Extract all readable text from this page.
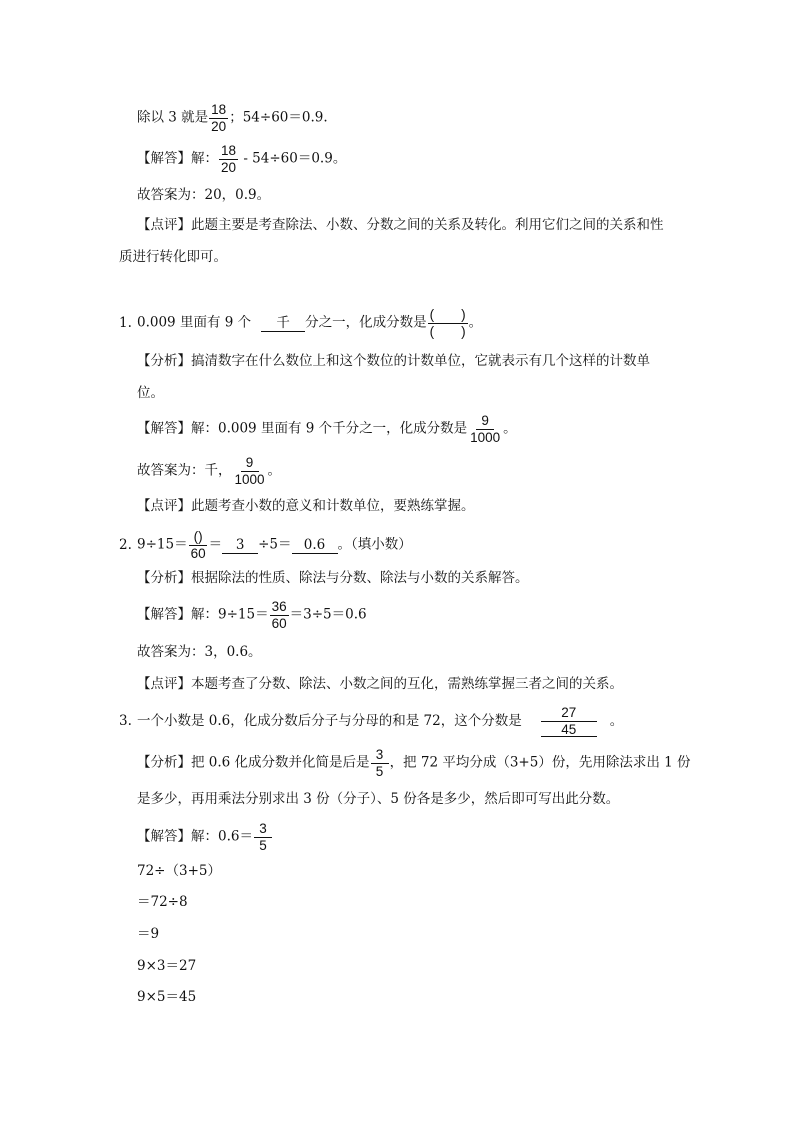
除以 3 就是 $\frac{18}{20}$ ；54÷60＝0.9.
【解答】解： $\frac{18}{20} - 54\div 60=0.9$。
故答案为：20，0.9。
【点评】此题主要是考查除法、小数、分数之间的关系及转化。利用它们之间的关系和性
质进行转化即可。
1. 0.009 里面有 9 个 千 分之一，化成分数是 $\frac{( )}{( )}$ 。
【分析】搞清数字在什么数位上和这个数位的计数单位，它就表示有几个这样的计数单
位。
【解答】解：0.009 里面有 9 个千分之一，化成分数是 $\frac{9}{1000}$ 。
故答案为：千， $\frac{9}{1000}$ 。
【点评】此题考查小数的意义和计数单位，要熟练掌握。
2. $9\div 15= \frac{()}{60} = 3 \div 5= 0.6$ 。（填小数）
【分析】根据除法的性质、除法与分数、除法与小数的关系解答。
【解答】解：$9\div 15= \frac{36}{60} =3\div 5=0.6$
故答案为：3，0.6。
【点评】本题考查了分数、除法、小数之间的互化，需熟练掌握三者之间的关系。
3. 一个小数是 0.6，化成分数后分子与分母的和是 72，这个分数是 $\frac{27}{45}$ 。
【分析】把 0.6 化成分数并化简是后是 $\frac{3}{5}$ ，把 72 平均分成（3+5）份，先用除法求出 1 份
是多少，再用乘法分别求出 3 份（分子）、5 份各是多少，然后即可写出此分数。
【解答】解：$0.6= \frac{3}{5}$
72÷（3+5）
＝72÷8
＝9
9×3＝27
9×5＝45
